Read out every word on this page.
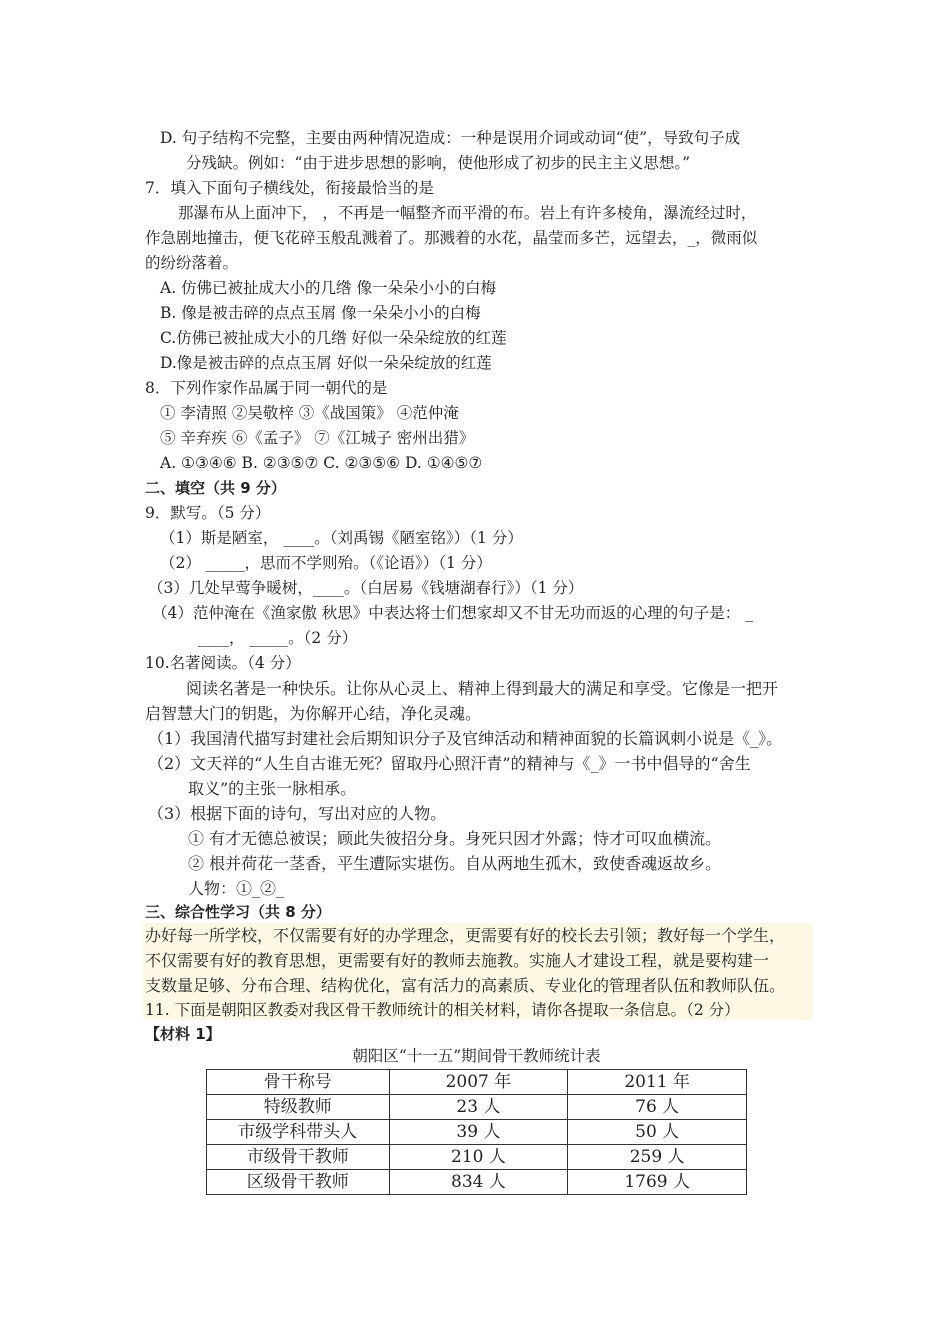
D. 句子结构不完整，主要由两种情况造成：一种是误用介词或动词“使”，导致句子成
分残缺。例如：“由于进步思想的影响，使他形成了初步的民主主义思想。”
7．填入下面句子横线处，衔接最恰当的是
那瀑布从上面冲下， ，不再是一幅整齐而平滑的布。岩上有许多棱角，瀑流经过时，
作急剧地撞击，便飞花碎玉般乱溅着了。那溅着的水花，晶莹而多芒，远望去，_，微雨似
的纷纷落着。
A. 仿佛已被扯成大小的几绺 像一朵朵小小的白梅
B. 像是被击碎的点点玉屑 像一朵朵小小的白梅
C.仿佛已被扯成大小的几绺 好似一朵朵绽放的红莲
D.像是被击碎的点点玉屑 好似一朵朵绽放的红莲
8．下列作家作品属于同一朝代的是
① 李清照 ②吴敬梓 ③《战国策》 ④范仲淹
⑤ 辛弃疾 ⑥《孟子》 ⑦《江城子 密州出猎》
A. ①③④⑥ B. ②③⑤⑦ C. ②③⑤⑥ D. ①④⑤⑦
二、填空（共 9 分）
9．默写。（5 分）
（1）斯是陋室， ____。（刘禹锡《陋室铭》）（1 分）
（2） _____，思而不学则殆。（《论语》）（1 分）
（3）几处早莺争暖树，____。（白居易《钱塘湖春行》）（1 分）
（4）范仲淹在《渔家傲 秋思》中表达将士们想家却又不甘无功而返的心理的句子是： _
____， _____。（2 分）
10.名著阅读。（4 分）
阅读名著是一种快乐。让你从心灵上、精神上得到最大的满足和享受。它像是一把开
启智慧大门的钥匙，为你解开心结，净化灵魂。
（1）我国清代描写封建社会后期知识分子及官绅活动和精神面貌的长篇讽刺小说是《_》。
（2）文天祥的“人生自古谁无死？留取丹心照汗青”的精神与《_》一书中倡导的“舍生
取义”的主张一脉相承。
（3）根据下面的诗句，写出对应的人物。
① 有才无德总被误；顾此失彼招分身。身死只因才外露；恃才可叹血横流。
② 根并荷花一茎香，平生遭际实堪伤。自从两地生孤木，致使香魂返故乡。
人物：①_②_
三、综合性学习（共 8 分）
办好每一所学校，不仅需要有好的办学理念，更需要有好的校长去引领；教好每一个学生，
不仅需要有好的教育思想，更需要有好的教师去施教。实施人才建设工程，就是要构建一
支数量足够、分布合理、结构优化，富有活力的高素质、专业化的管理者队伍和教师队伍。
11. 下面是朝阳区教委对我区骨干教师统计的相关材料，请你各提取一条信息。（2 分）
【材料 1】
朝阳区“十一五”期间骨干教师统计表
骨干称号	2007 年	2011 年
特级教师	23 人	76 人
市级学科带头人	39 人	50 人
市级骨干教师	210 人	259 人
区级骨干教师	834 人	1769 人
